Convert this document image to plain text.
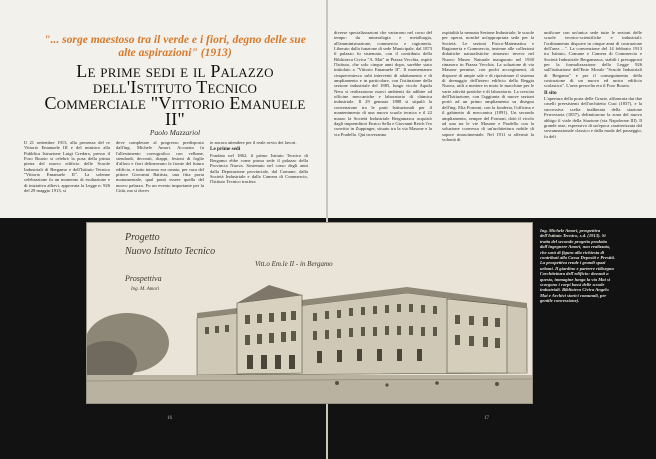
"... sorge maestoso tra il verde e i fiori, degno delle sue alte aspirazioni" (1913)
Le prime sedi e il Palazzo dell'Istituto Tecnico Commerciale "Vittorio Emanuele II"
Paolo Mazzariol

Il 21 settembre 1913, alla presenza del re Vittorio Emanuele III e del ministro alla Pubblica Istruzione Luigi Credaro, presso il Foro Boario si celebrò la posa della prima pietra del nuovo edificio delle Scuole Industriali di Bergamo e dell'Istituto Tecnico "Vittorio Emanuele II". La solenne celebrazione fu un momento di esultazione e di iniziativa allievi, approvata la Legge n. 926 del 29 maggio 1913, si

deve completare al progresso predisposto dall'ing. Michele Amori. Accurato fu l'allestimento coreografico con velbane, stendardi, decorati, drappi, festoni di foglie d'alloro e fiori delineavano la fronte del futuro edificio, e tutto intorno era ornato, per cura del pittore Giovanni Battista, una fitta porta monumentale, qual ponti essere quella del nuovo palazzo. Fu un evento importante per la Città, ma si dovev

te ancora attendere per il reale avvio dei lavori.

Le prime sedi

Fondato nel 1862, il primo Istituto Tecnico di Bergamo ebbe come prima sede il palazzo della Provincia Nuova. Sostenuto nel corso degli anni dalla Deputazione provinciale, dal Comune, dalla Società Industriale e dalla Camera di Commercio, l'Istituto Tecnico trasfera

diverse specializzazioni che variarono nel corso del tempo: da mineralogia e metallurgia, all'amministrazione, commercio e ragioneria. Liberato dalla funzione di sede Municipale, dal 1873 il palazzo fu sistemato, con il contributo della Biblioteca Civica "A. Mai" in Piazza Vecchia, ospitò l'Istituto, che solo cinque anni dopo, sarebbe stato intitolato a "Vittorio Emanuele II". Il momentaneo cinquecentesco subì interventi di adattamento e di ampliamento e in particolare, con l'istituzione della sezione industriale del 1885, lungo vicolo Aquila Nera si realizzarono nuovi ambienti da adibire ad officine meccaniche e laboratorio di chimica industriale. Il 29 gennaio 1888 si stipulò la convenzione tra le parti Istituzionali per il mantenimento di una nuova scuola tecnica e il 22 marzo la Società Industriale Bergamasca acquistò dagli imprenditori Enrico Sella e Giovanni Reich l'ex convitto in Zuppinger, situato tra la via Masone e la via Pradello. Qui troveranno

ospitalità la neonata Sezione Industriale, le scuole per operai, nonché un'appropriata sede per la Società. Le sezioni Fisico-Matematica e Ragioneria e Commercio, insieme alle collezioni didattiche naturalistiche rimasero invece nel Nuovo Museo Naturale inaugurato nel 1930 rimasero in Piazza Vecchia. La soluzione di via Masone permise, con pochi accorgimenti, di disporre di ampie sale e di ripristinare il sistema di drenaggio dell'intero edificio della Reggia Nuova, utili a mettere in moto le macchine per le varie attività pratiche e di laboratorio. La crescita dell'Istituzione, con l'aggiunta di nuove sezioni portò ad un primo ampliamento su disegno dell'ing. Elia Fornoni, con la fonderia, l'officina e il gabinetto di meccanica (1891). Un secondo ampliamento, sempre del Fornoni, dotò il vicolo ad una tra le vie Masone e Pradello con la soluzione convessa di un'architettura nobile di sapore rinascimentale. Nel 1911 si affermò la volontà di

unificare con un'unica sede tutte le sezioni delle scuole tecnico-scientifiche e industriali: l'ordinamento disporre in cinque anni di costruzione dell'area ...". La convenzione del 14 febbraio 1913 tra Istituto, Comune e Camera di Commercio e Società Industriale Bergamasca, stabilì i presupposti per la formalizzazione della Legge 926 sull'istituzione dell'Ente Morale "Scuole Industriali di Bergamo" e per il conseguimento della costruzione di un nuovo ed unico edificio scolastico". L'area prescelta era il Foro Boario.

Il sito

L'apertura della porta delle Grazie, affiancata dai due caselli preesistenti dell'architetto Cusi (1837), e la successiva scelta inalberata della stazione Ferroviaria (1857), delimitarono la zona del nuovo abbigo il viale della Stazione (via Napoleone III). Il grande asse, espressivo di un'epoca caratterizzata dal sovrannazionale classico e dalla moda del passeggio, fu deli

Progetto
Nuovo Istituto Tecnico
Vitt.o Em.le II - in Bergamo
Prospettiva
Ing. M. Amori
Ing. Michele Amori, prospettiva dell'Istituto Tecnico, s.d. (1913). Si tratta del secondo progetto prodotto dall'ingegnere Amori, non realizzato, che sarà di figura alla richiesta di contributi alla Cassa Depositi e Prestiti. La prospettiva rende i grandi spazi urbani. Il giardino e parterre ridisegna l'architettura dell'edificio: davanti a questo, immagine lunga la via Mai si scorgono i corpi bassi delle scuole industriali. Biblioteca Civica Angelo Mai e Archivi storici comunali, per gentile concessione).
16	17
